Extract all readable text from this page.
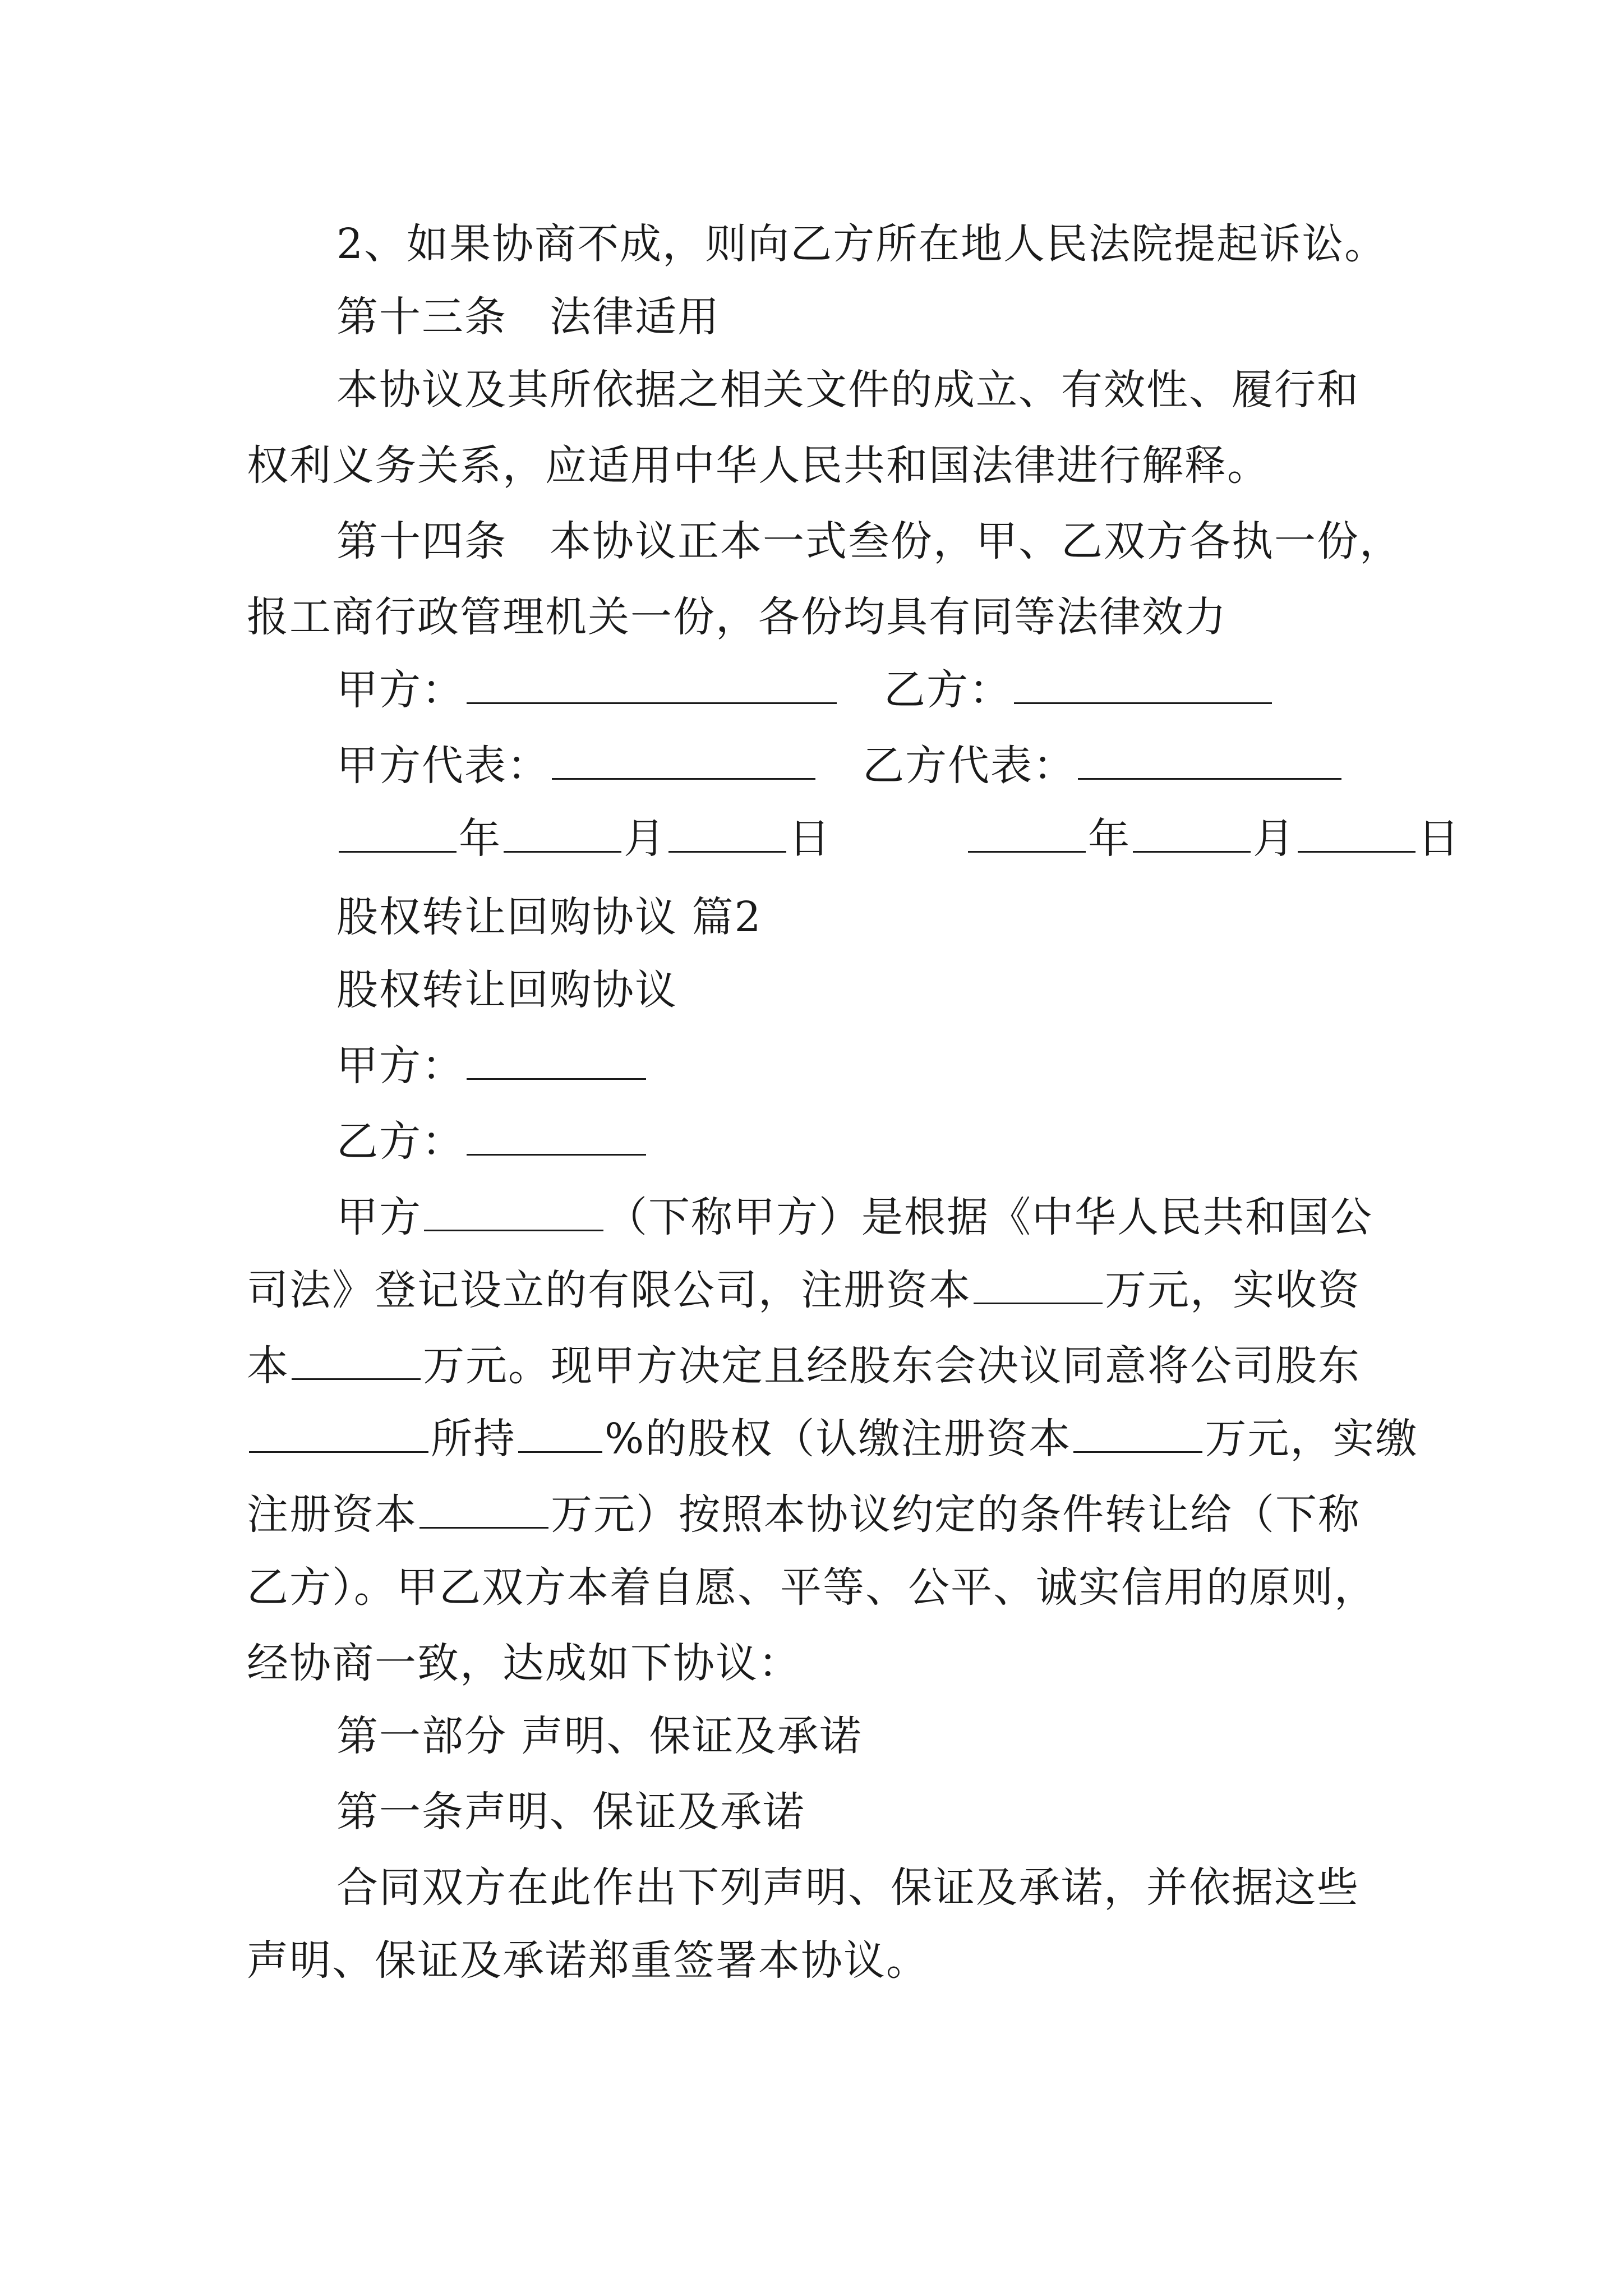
2、如果协商不成，则向乙方所在地人民法院提起诉讼。
第十三条　法律适用
本协议及其所依据之相关文件的成立、有效性、履行和
权利义务关系，应适用中华人民共和国法律进行解释。
第十四条　本协议正本一式叁份，甲、乙双方各执一份，
报工商行政管理机关一份，各份均具有同等法律效力
甲方：	乙方：
甲方代表：	乙方代表：
年	月	日	年	月	日
股权转让回购协议 篇2
股权转让回购协议
甲方：
乙方：
甲方	（下称甲方）是根据《中华人民共和国公
司法》登记设立的有限公司，注册资本	万元，实收资
本	万元。现甲方决定且经股东会决议同意将公司股东
所持 %的股权（认缴注册资本	万元，实缴
注册资本	万元）按照本协议约定的条件转让给（下称
乙方）。甲乙双方本着自愿、平等、公平、诚实信用的原则，
经协商一致，达成如下协议：
第一部分 声明、保证及承诺
第一条声明、保证及承诺
合同双方在此作出下列声明、保证及承诺，并依据这些
声明、保证及承诺郑重签署本协议。
